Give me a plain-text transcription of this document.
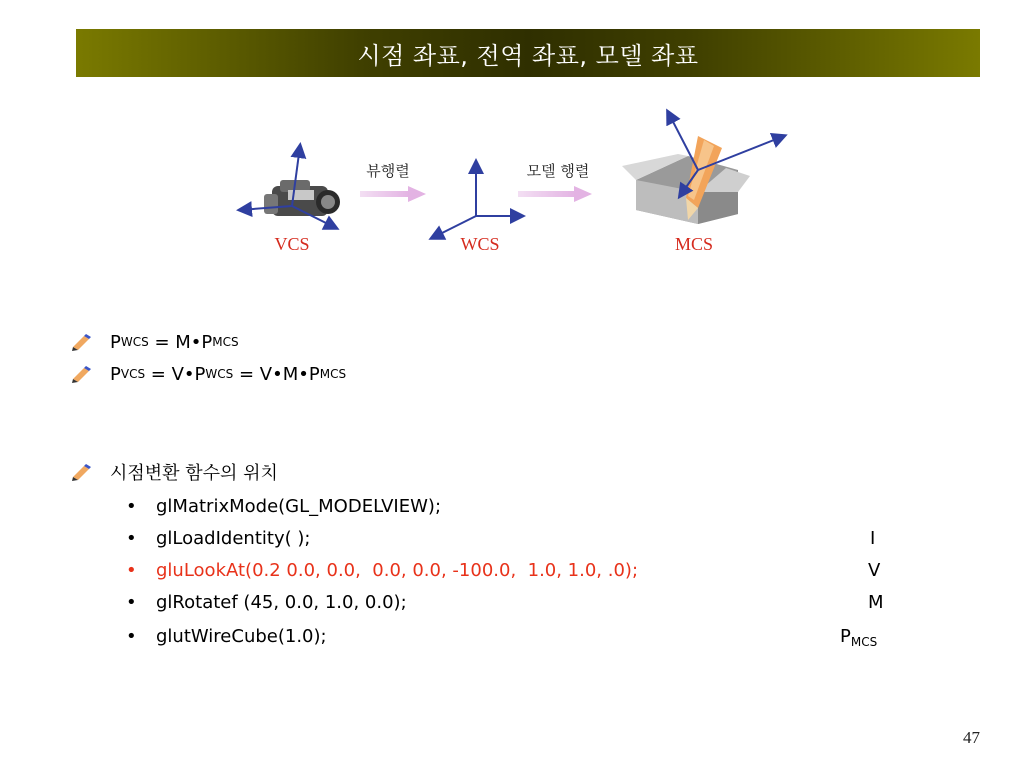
시점 좌표, 전역 좌표, 모델 좌표
VCS
뷰행렬
WCS
모델 행렬
MCS
P WCS = M•P MCS
P VCS = V•P WCS = V•M•P MCS
시점변환 함수의 위치
• glMatrixMode(GL_MODELVIEW);
• glLoadIdentity( );	I
• gluLookAt(0.2 0.0, 0.0,  0.0, 0.0, -100.0,  1.0, 1.0, .0);	V
• glRotatef (45, 0.0, 1.0, 0.0);	M
• glutWireCube(1.0);	$P_{MCS}$
47
